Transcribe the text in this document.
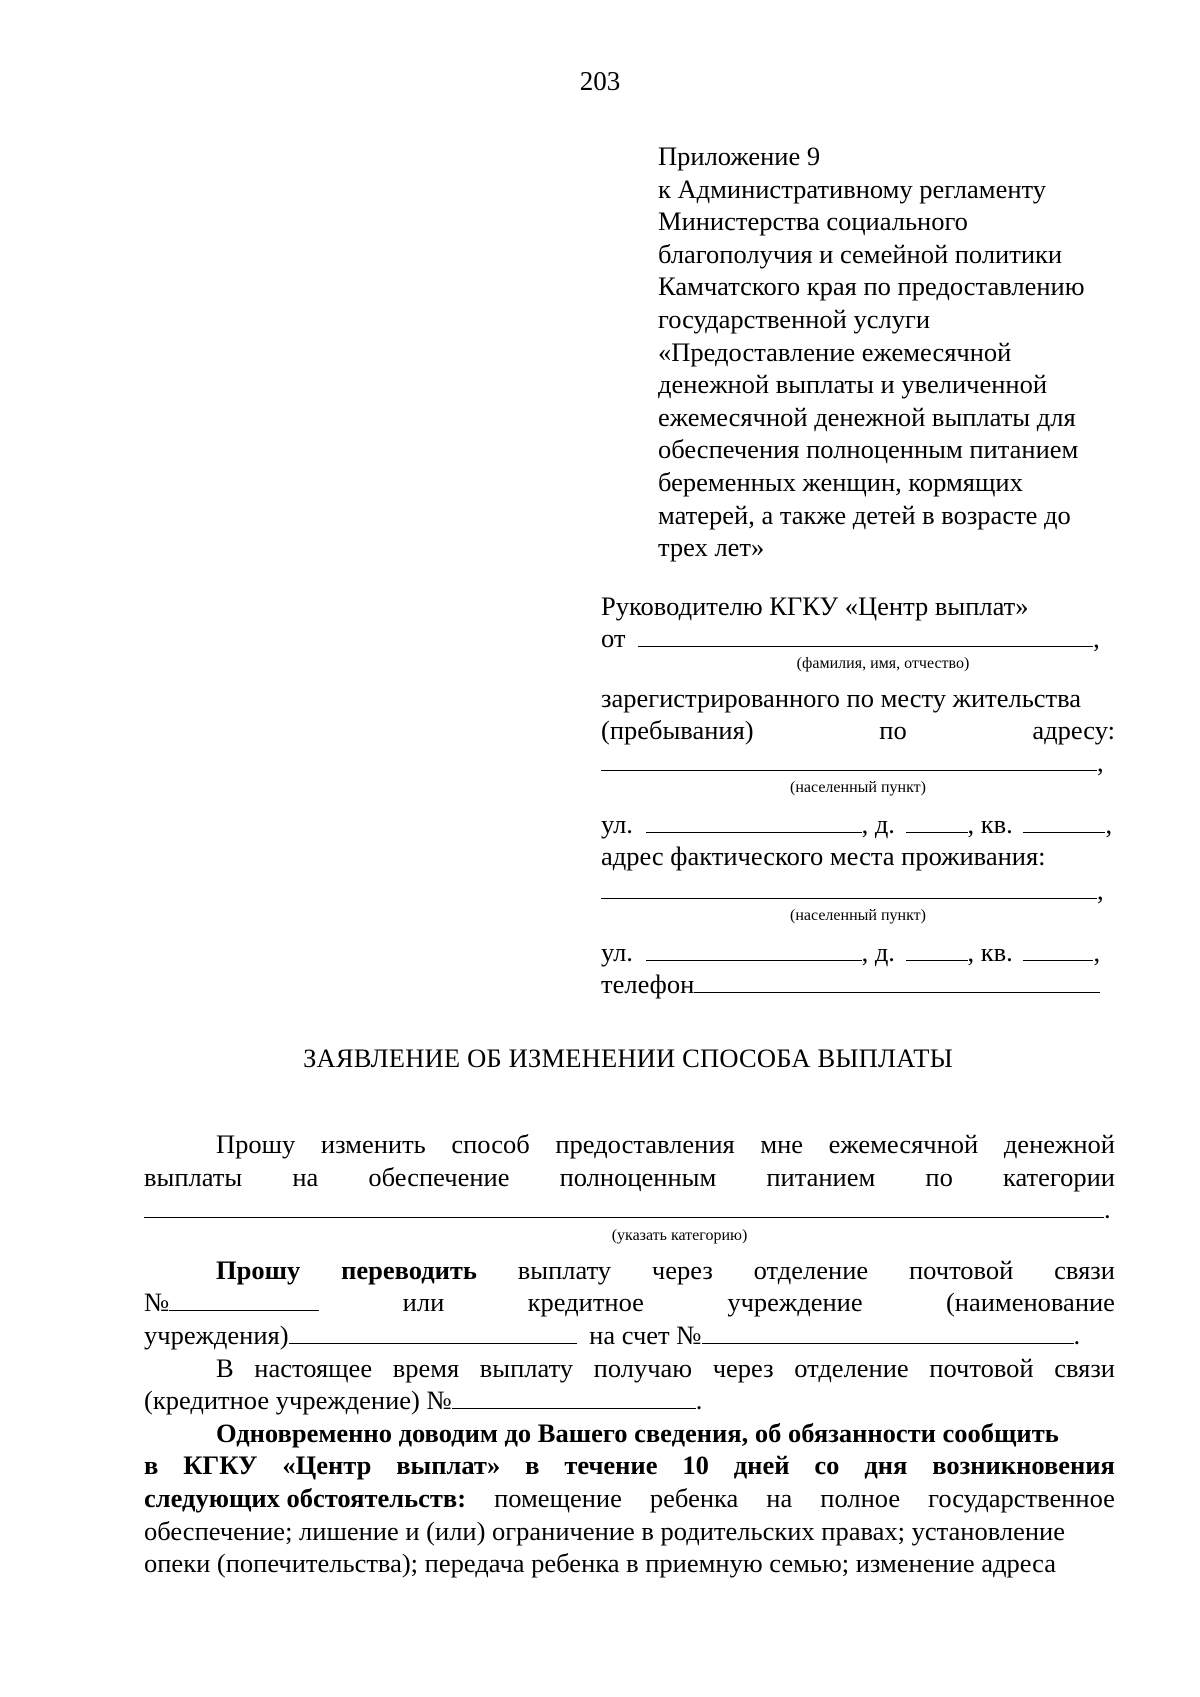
203
Приложение 9
к Административному регламенту
Министерства социального
благополучия и семейной политики
Камчатского края по предоставлению
государственной услуги
«Предоставление ежемесячной
денежной выплаты и увеличенной
ежемесячной денежной выплаты для
обеспечения полноценным питанием
беременных женщин, кормящих
матерей, а также детей в возрасте до
трех лет»
Руководителю КГКУ «Центр выплат»
от	,
(фамилия, имя, отчество)
зарегистрированного по месту жительства
(пребывания)	по	адресу:
,
(населенный пункт)
ул.	, д.	, кв.	,
адрес фактического места проживания:
,
(населенный пункт)
ул.	, д.	, кв.	,
телефон
ЗАЯВЛЕНИЕ ОБ ИЗМЕНЕНИИ СПОСОБА ВЫПЛАТЫ
Прошу изменить способ предоставления мне ежемесячной денежной
выплаты на обеспечение полноценным питанием по категории
.
(указать категорию)
Прошу переводить выплату через отделение почтовой связи
№	или	кредитное	учреждение	(наименование
учреждения)	на счет №	.
В настоящее время выплату получаю через отделение почтовой связи
(кредитное учреждение) №	.
Одновременно доводим до Вашего сведения, об обязанности сообщить
в КГКУ «Центр выплат» в течение 10 дней со дня возникновения
следующих обстоятельств: помещение ребенка на полное государственное
обеспечение; лишение и (или) ограничение в родительских правах; установление
опеки (попечительства); передача ребенка в приемную семью; изменение адреса
